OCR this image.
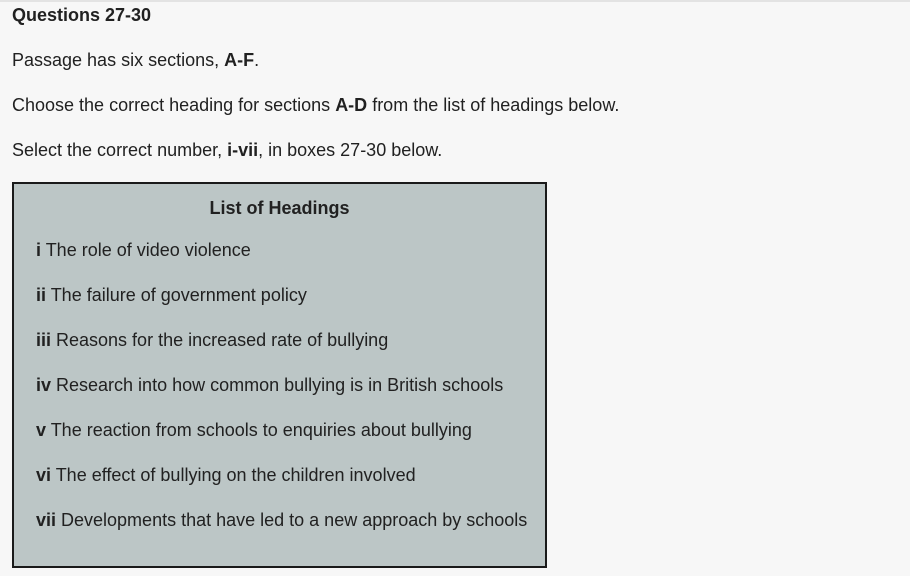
Questions 27-30
Passage has six sections, A-F.
Choose the correct heading for sections A-D from the list of headings below.
Select the correct number, i-vii, in boxes 27-30 below.
List of Headings
i The role of video violence
ii The failure of government policy
iii Reasons for the increased rate of bullying
iv Research into how common bullying is in British schools
v The reaction from schools to enquiries about bullying
vi The effect of bullying on the children involved
vii Developments that have led to a new approach by schools
